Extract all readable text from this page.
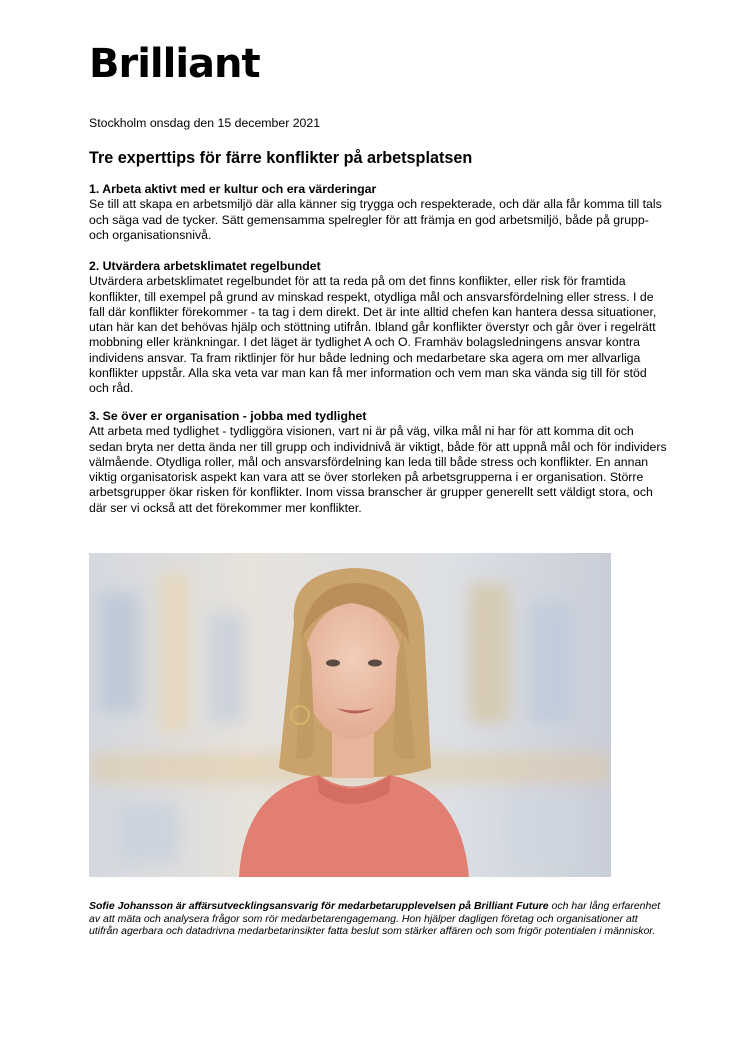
Brilliant
Stockholm onsdag den 15 december 2021
Tre experttips för färre konflikter på arbetsplatsen
1. Arbeta aktivt med er kultur och era värderingar

Se till att skapa en arbetsmiljö där alla känner sig trygga och respekterade, och där alla får komma till tals och säga vad de tycker. Sätt gemensamma spelregler för att främja en god arbetsmiljö, både på grupp- och organisationsnivå.

2. Utvärdera arbetsklimatet regelbundet

Utvärdera arbetsklimatet regelbundet för att ta reda på om det finns konflikter, eller risk för framtida konflikter, till exempel på grund av minskad respekt, otydliga mål och ansvarsfördelning eller stress. I de fall där konflikter förekommer - ta tag i dem direkt. Det är inte alltid chefen kan hantera dessa situationer, utan här kan det behövas hjälp och stöttning utifrån. Ibland går konflikter överstyr och går över i regelrätt mobbning eller kränkningar. I det läget är tydlighet A och O. Framhäv bolagsledningens ansvar kontra individens ansvar. Ta fram riktlinjer för hur både ledning och medarbetare ska agera om mer allvarliga konflikter uppstår. Alla ska veta var man kan få mer information och vem man ska vända sig till för stöd och råd.

3. Se över er organisation - jobba med tydlighet

Att arbeta med tydlighet - tydliggöra visionen, vart ni är på väg, vilka mål ni har för att komma dit och sedan bryta ner detta ända ner till grupp och individnivå är viktigt, både för att uppnå mål och för individers välmående. Otydliga roller, mål och ansvarsfördelning kan leda till både stress och konflikter. En annan viktig organisatorisk aspekt kan vara att se över storleken på arbetsgrupperna i er organisation. Större arbetsgrupper ökar risken för konflikter. Inom vissa branscher är grupper generellt sett väldigt stora, och där ser vi också att det förekommer mer konflikter.

Sofie Johansson är affärsutvecklingsansvarig för medarbetarupplevelsen på Brilliant Future och har lång erfarenhet av att mäta och analysera frågor som rör medarbetarengagemang. Hon hjälper dagligen företag och organisationer att utifrån agerbara och datadrivna medarbetarinsikter fatta beslut som stärker affären och som frigör potentialen i människor.
